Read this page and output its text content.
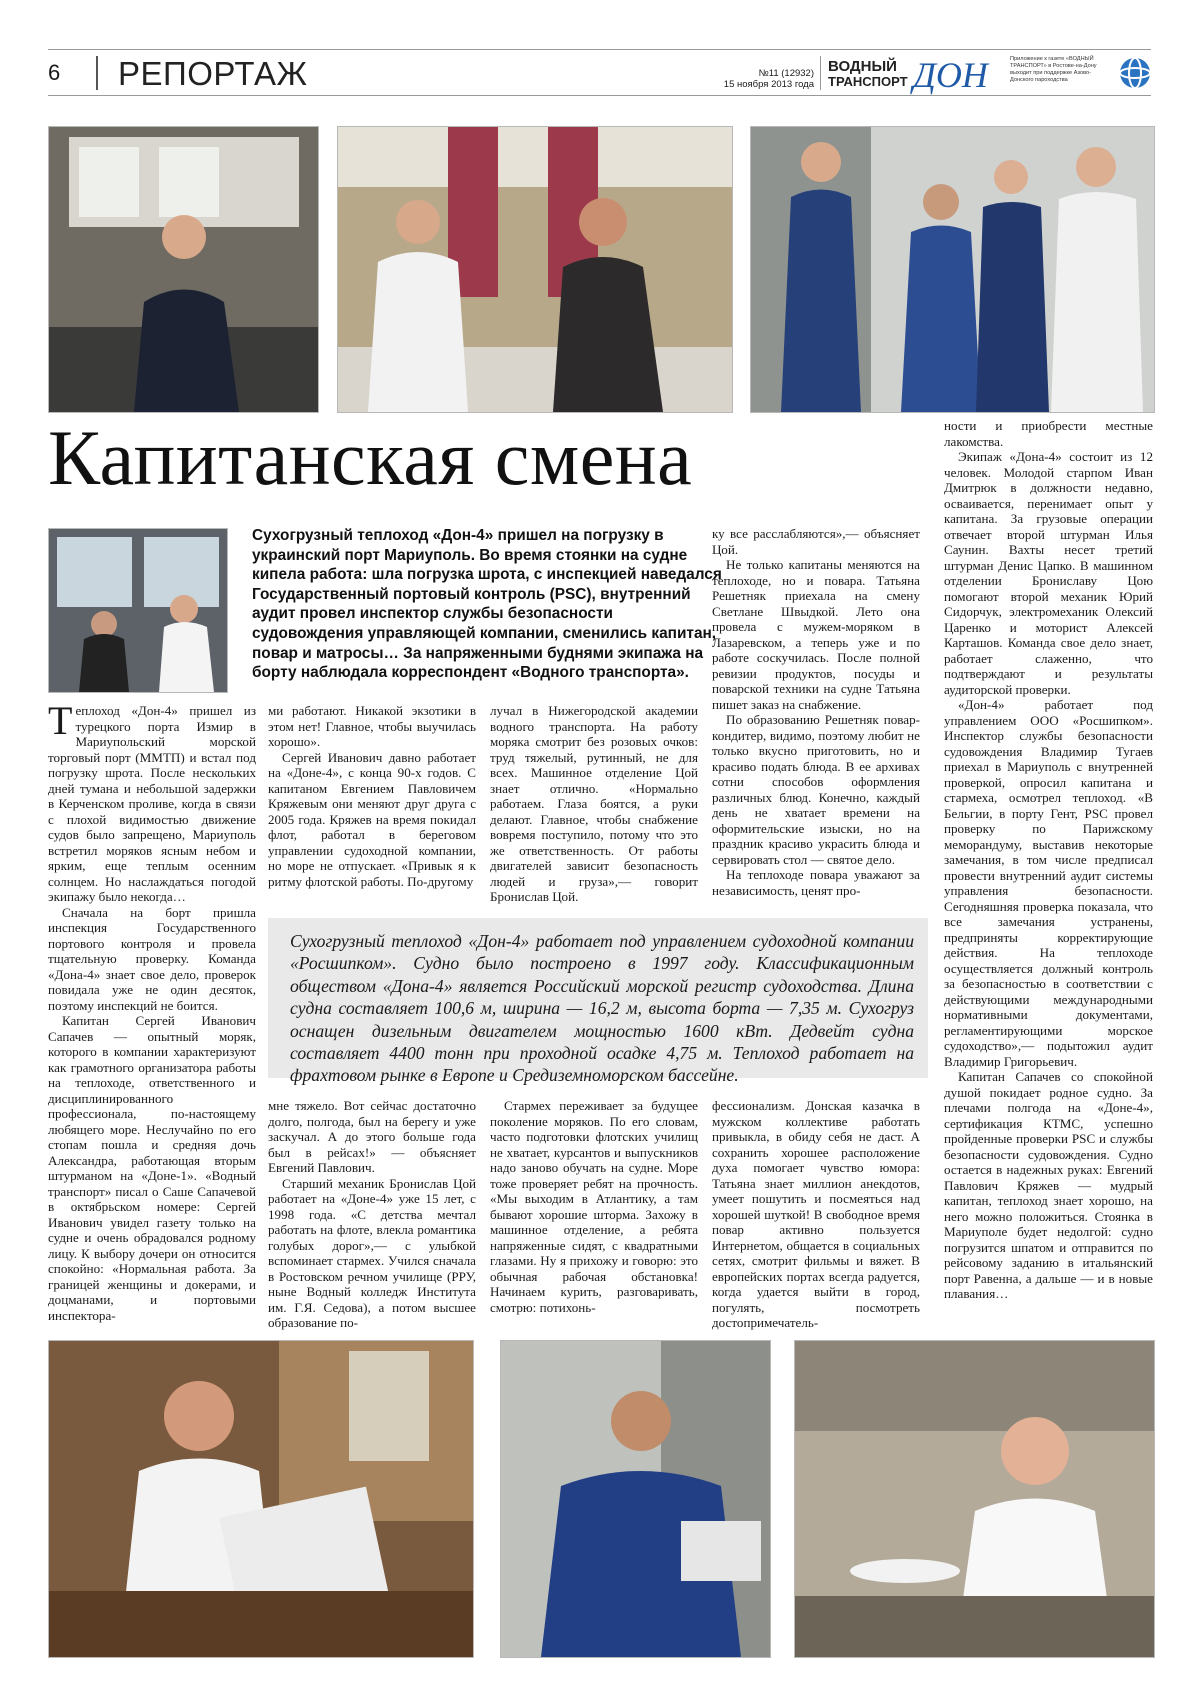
6 РЕПОРТАЖ	№11 (12932)
15 ноября 2013 года
ВОДНЫЙ
ТРАНСПОРТ ДОН	Приложение к газете «ВОДНЫЙ ТРАНСПОРТ» в Ростове-на-Дону выходит при поддержке Азово-Донского пароходства
Капитанская смена
Сухогрузный теплоход «Дон-4» пришел на погрузку в украинский порт Мариуполь. Во время стоянки на судне кипела работа: шла погрузка шрота, с инспекцией наведался Государственный портовый контроль (PSC), внутренний аудит провел инспектор службы безопасности судовождения управляющей компании, сменились капитан, повар и матросы… За напряженными буднями экипажа на борту наблюдала корреспондент «Водного транспорта».

Теплоход «Дон-4» пришел из турецкого порта Измир в Мариупольский морской торговый порт (ММТП) и встал под погрузку шрота. После нескольких дней тумана и небольшой задержки в Керченском проливе, когда в связи с плохой видимостью движение судов было запрещено, Мариуполь встретил моряков ясным небом и ярким, еще теплым осенним солнцем. Но наслаждаться погодой экипажу было некогда…

Сначала на борт пришла инспекция Государственного портового контроля и провела тщательную проверку. Команда «Дона-4» знает свое дело, проверок повидала уже не один десяток, поэтому инспекций не боится.

Капитан Сергей Иванович Сапачев — опытный моряк, которого в компании характеризуют как грамотного организатора работы на теплоходе, ответственного и дисциплинированного профессионала, по-настоящему любящего море. Неслучайно по его стопам пошла и средняя дочь Александра, работающая вторым штурманом на «Доне-1». «Водный транспорт» писал о Саше Сапачевой в октябрьском номере: Сергей Иванович увидел газету только на судне и очень обрадовался родному лицу. К выбору дочери он относится спокойно: «Нормальная работа. За границей женщины и докерами, и доцманами, и портовыми инспектора-

ми работают. Никакой экзотики в этом нет! Главное, чтобы выучилась хорошо».

Сергей Иванович давно работает на «Доне-4», с конца 90-х годов. С капитаном Евгением Павловичем Кряжевым они меняют друг друга с 2005 года. Кряжев на время покидал флот, работал в береговом управлении судоходной компании, но море не отпускает. «Привык я к ритму флотской работы. По-другому

лучал в Нижегородской академии водного транспорта. На работу моряка смотрит без розовых очков: труд тяжелый, рутинный, не для всех. Машинное отделение Цой знает отлично. «Нормально работаем. Глаза боятся, а руки делают. Главное, чтобы снабжение вовремя поступило, потому что это же ответственность. От работы двигателей зависит безопасность людей и груза»,— говорит Бронислав Цой.

ку все расслабляются»,— объясняет Цой.

Не только капитаны меняются на теплоходе, но и повара. Татьяна Решетняк приехала на смену Светлане Швыдкой. Лето она провела с мужем-моряком в Лазаревском, а теперь уже и по работе соскучилась. После полной ревизии продуктов, посуды и поварской техники на судне Татьяна пишет заказ на снабжение.

По образованию Решетняк повар-кондитер, видимо, поэтому любит не только вкусно приготовить, но и красиво подать блюда. В ее архивах сотни способов оформления различных блюд. Конечно, каждый день не хватает времени на оформительские изыски, но на праздник красиво украсить блюда и сервировать стол — святое дело.

На теплоходе повара уважают за независимость, ценят про-

ности и приобрести местные лакомства.

Экипаж «Дона-4» состоит из 12 человек. Молодой старпом Иван Дмитрюк в должности недавно, осваивается, перенимает опыт у капитана. За грузовые операции отвечает второй штурман Илья Саунин. Вахты несет третий штурман Денис Цапко. В машинном отделении Брониславу Цою помогают второй механик Юрий Сидорчук, электромеханик Олексий Царенко и моторист Алексей Карташов. Команда свое дело знает, работает слаженно, что подтверждают и результаты аудиторской проверки.

«Дон-4» работает под управлением ООО «Росшипком». Инспектор службы безопасности судовождения Владимир Тугаев приехал в Мариуполь с внутренней проверкой, опросил капитана и стармеха, осмотрел теплоход. «В Бельгии, в порту Гент, PSC провел проверку по Парижскому меморандуму, выставив некоторые замечания, в том числе предписал провести внутренний аудит системы управления безопасности. Сегодняшняя проверка показала, что все замечания устранены, предприняты корректирующие действия. На теплоходе осуществляется должный контроль за безопасностью в соответствии с действующими международными нормативными документами, регламентирующими морское судоходство»,— подытожил аудит Владимир Григорьевич.

Капитан Сапачев со спокойной душой покидает родное судно. За плечами полгода на «Доне-4», сертификация КТМС, успешно пройденные проверки PSC и службы безопасности судовождения. Судно остается в надежных руках: Евгений Павлович Кряжев — мудрый капитан, теплоход знает хорошо, на него можно положиться. Стоянка в Мариуполе будет недолгой: судно погрузится шпатом и отправится по рейсовому заданию в итальянский порт Равенна, а дальше — и в новые плавания…

Сухогрузный теплоход «Дон-4» работает под управлением судоходной компании «Росшипком». Судно было построено в 1997 году. Классификационным обществом «Дона-4» является Российский морской регистр судоходства. Длина судна составляет 100,6 м, ширина — 16,2 м, высота борта — 7,35 м. Сухогруз оснащен дизельным двигателем мощностью 1600 кВт. Дедвейт судна составляет 4400 тонн при проходной осадке 4,75 м. Теплоход работает на фрахтовом рынке в Европе и Средиземноморском бассейне.

мне тяжело. Вот сейчас достаточно долго, полгода, был на берегу и уже заскучал. А до этого больше года был в рейсах!» — объясняет Евгений Павлович.

Старший механик Бронислав Цой работает на «Доне-4» уже 15 лет, с 1998 года. «С детства мечтал работать на флоте, влекла романтика голубых дорог»,— с улыбкой вспоминает стармех. Учился сначала в Ростовском речном училище (РРУ, ныне Водный колледж Института им. Г.Я. Седова), а потом высшее образование по-

Стармех переживает за будущее поколение моряков. По его словам, часто подготовки флотских училищ не хватает, курсантов и выпускников надо заново обучать на судне. Море тоже проверяет ребят на прочность. «Мы выходим в Атлантику, а там бывают хорошие шторма. Захожу в машинное отделение, а ребята напряженные сидят, с квадратными глазами. Ну я прихожу и говорю: это обычная рабочая обстановка! Начинаем курить, разговаривать, смотрю: потихонь-

фессионализм. Донская казачка в мужском коллективе работать привыкла, в обиду себя не даст. А сохранить хорошее расположение духа помогает чувство юмора: Татьяна знает миллион анекдотов, умеет пошутить и посмеяться над хорошей шуткой! В свободное время повар активно пользуется Интернетом, общается в социальных сетях, смотрит фильмы и вяжет. В европейских портах всегда радуется, когда удается выйти в город, погулять, посмотреть достопримечатель-
